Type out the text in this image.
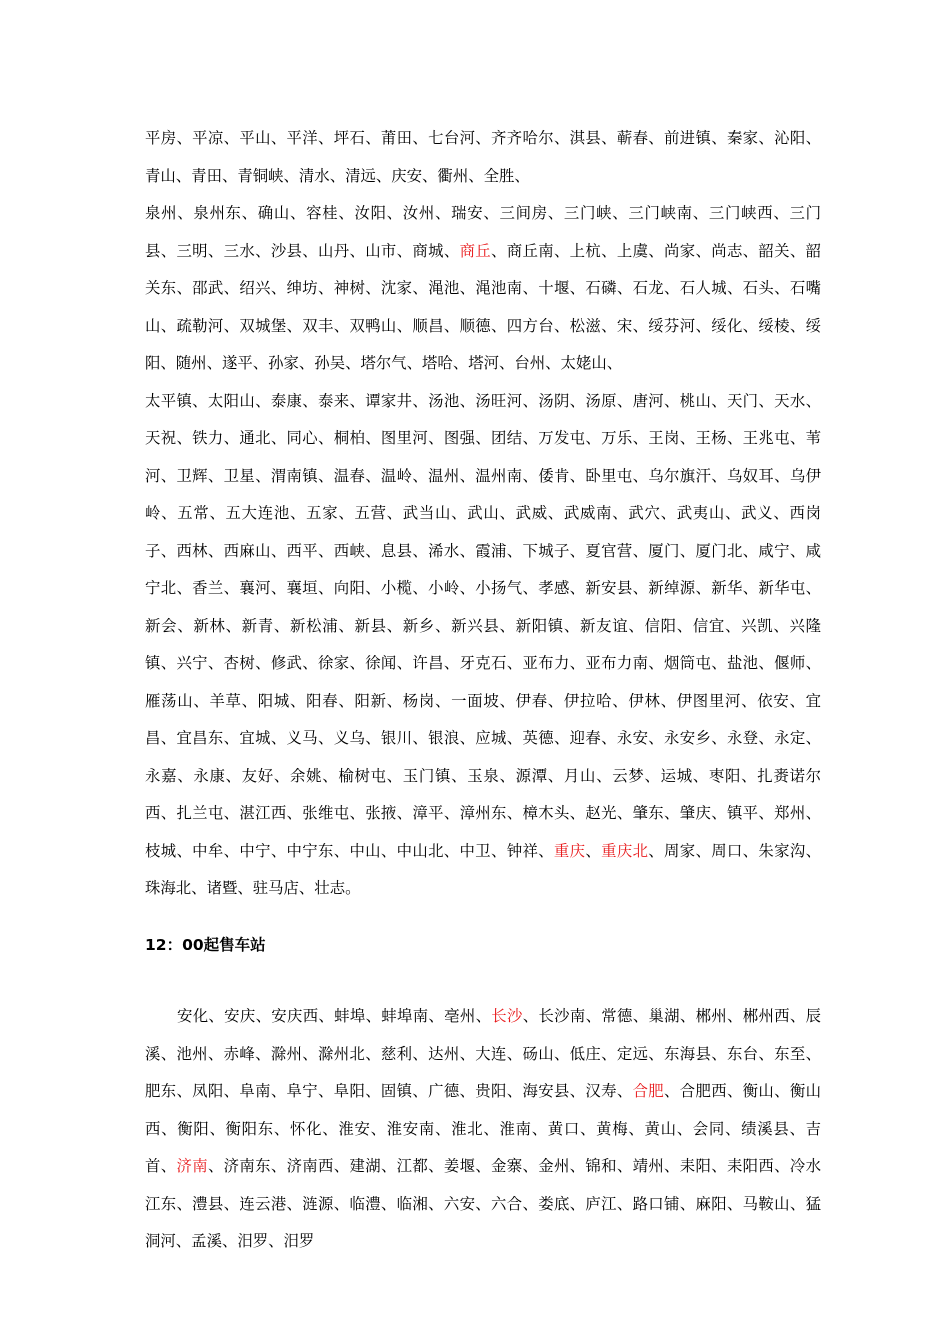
平房、平凉、平山、平洋、坪石、莆田、七台河、齐齐哈尔、淇县、蕲春、前进镇、秦家、沁阳、青山、青田、青铜峡、清水、清远、庆安、衢州、全胜、

泉州、泉州东、确山、容桂、汝阳、汝州、瑞安、三间房、三门峡、三门峡南、三门峡西、三门县、三明、三水、沙县、山丹、山市、商城、商丘、商丘南、上杭、上虞、尚家、尚志、韶关、韶关东、邵武、绍兴、绅坊、神树、沈家、渑池、渑池南、十堰、石磷、石龙、石人城、石头、石嘴山、疏勒河、双城堡、双丰、双鸭山、顺昌、顺德、四方台、松滋、宋、绥芬河、绥化、绥棱、绥阳、随州、遂平、孙家、孙吴、塔尔气、塔哈、塔河、台州、太姥山、

太平镇、太阳山、泰康、泰来、谭家井、汤池、汤旺河、汤阴、汤原、唐河、桃山、天门、天水、天祝、铁力、通北、同心、桐柏、图里河、图强、团结、万发屯、万乐、王岗、王杨、王兆屯、苇河、卫辉、卫星、渭南镇、温春、温岭、温州、温州南、倭肯、卧里屯、乌尔旗汗、乌奴耳、乌伊岭、五常、五大连池、五家、五营、武当山、武山、武威、武威南、武穴、武夷山、武义、西岗子、西林、西麻山、西平、西峡、息县、浠水、霞浦、下城子、夏官营、厦门、厦门北、咸宁、咸宁北、香兰、襄河、襄垣、向阳、小榄、小岭、小扬气、孝感、新安县、新绰源、新华、新华屯、新会、新林、新青、新松浦、新县、新乡、新兴县、新阳镇、新友谊、信阳、信宜、兴凯、兴隆镇、兴宁、杏树、修武、徐家、徐闻、许昌、牙克石、亚布力、亚布力南、烟筒屯、盐池、偃师、雁荡山、羊草、阳城、阳春、阳新、杨岗、一面坡、伊春、伊拉哈、伊林、伊图里河、依安、宜昌、宜昌东、宜城、义马、义乌、银川、银浪、应城、英德、迎春、永安、永安乡、永登、永定、永嘉、永康、友好、余姚、榆树屯、玉门镇、玉泉、源潭、月山、云梦、运城、枣阳、扎赉诺尔西、扎兰屯、湛江西、张维屯、张掖、漳平、漳州东、樟木头、赵光、肇东、肇庆、镇平、郑州、枝城、中牟、中宁、中宁东、中山、中山北、中卫、钟祥、重庆、重庆北、周家、周口、朱家沟、珠海北、诸暨、驻马店、壮志。

12：00起售车站

安化、安庆、安庆西、蚌埠、蚌埠南、亳州、长沙、长沙南、常德、巢湖、郴州、郴州西、辰溪、池州、赤峰、滁州、滁州北、慈利、达州、大连、砀山、低庄、定远、东海县、东台、东至、肥东、凤阳、阜南、阜宁、阜阳、固镇、广德、贵阳、海安县、汉寿、合肥、合肥西、衡山、衡山西、衡阳、衡阳东、怀化、淮安、淮安南、淮北、淮南、黄口、黄梅、黄山、会同、绩溪县、吉首、济南、济南东、济南西、建湖、江都、姜堰、金寨、金州、锦和、靖州、耒阳、耒阳西、冷水江东、澧县、连云港、涟源、临澧、临湘、六安、六合、娄底、庐江、路口铺、麻阳、马鞍山、猛洞河、孟溪、汨罗、汨罗
